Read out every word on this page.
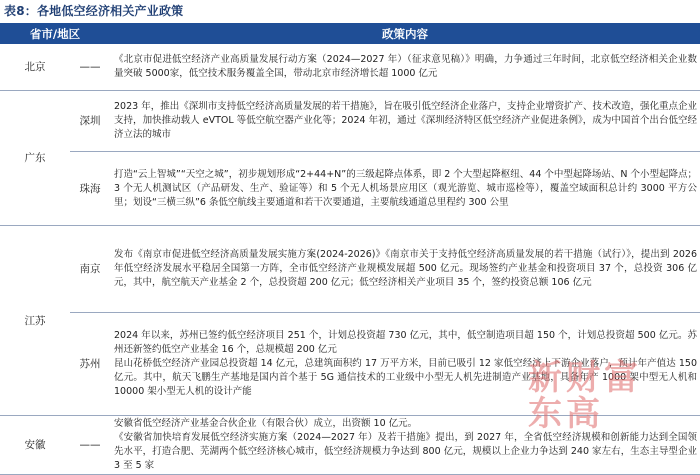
表8：各地低空经济相关产业政策
省市/地区		政策内容
北京	——	《北京市促进低空经济产业高质量发展行动方案（2024—2027 年）（征求意见稿）》明确，力争通过三年时间，北京低空经济相关企业数量突破 5000家，低空技术服务覆盖全国，带动北京市经济增长超 1000 亿元
广东	深圳	2023 年，推出《深圳市支持低空经济高质量发展的若干措施》，旨在吸引低空经济企业落户，支持企业增资扩产、技术改造，强化重点企业支持，加快推动载人 eVTOL 等低空航空器产业化等；2024 年初，通过《深圳经济特区低空经济产业促进条例》，成为中国首个出台低空经济立法的城市
	珠海	打造“云上智城”“天空之城”，初步规划形成“2+44+N”的三级起降点体系，即 2 个大型起降枢纽、44 个中型起降场站、N 个小型起降点；3 个无人机测试区（产品研发、生产、验证等）和 5 个无人机场景应用区（观光游览、城市巡检等），覆盖空域面积总计约 3000 平方公里；划设“三横三纵”6 条低空航线主要通道和若干次要通道，主要航线通道总里程约 300 公里
江苏	南京	发布《南京市促进低空经济高质量发展实施方案(2024-2026)》《南京市关于支持低空经济高质量发展的若干措施（试行）》，提出到 2026 年低空经济发展水平稳居全国第一方阵，全市低空经济产业规模发展超 500 亿元。现场签约产业基金和投资项目 37 个，总投资 306 亿元，其中，航空航天产业基金 2 个，总投资超 200 亿元；低空经济相关产业项目 35 个，签约投资总额 106 亿元
	苏州	2024 年以来，苏州已签约低空经济项目 251 个，计划总投资超 730 亿元，其中，低空制造项目超 150 个，计划总投资超 500 亿元。苏州还新签约低空产业基金 16 个，总规模超 200 亿元
昆山花桥低空经济产业园总投资超 14 亿元，总建筑面积约 17 万平方米，目前已吸引 12 家低空经济上下游企业落户，预计年产值达 150 亿元。其中，航天飞鹏生产基地是国内首个基于 5G 通信技术的工业级中小型无人机先进制造产业基地，具备年产 1000 架中型无人机和 10000 架小型无人机的设计产能
安徽	——	安徽省低空经济产业基金合伙企业（有限合伙）成立，出资额 10 亿元。
《安徽省加快培育发展低空经济实施方案（2024—2027 年）及若干措施》提出，到 2027 年，全省低空经济规模和创新能力达到全国领先水平，打造合肥、芜湖两个低空经济核心城市，低空经济规模力争达到 800 亿元，规模以上企业力争达到 240 家左右，生态主导型企业 3 至 5 家
新财富
东高
